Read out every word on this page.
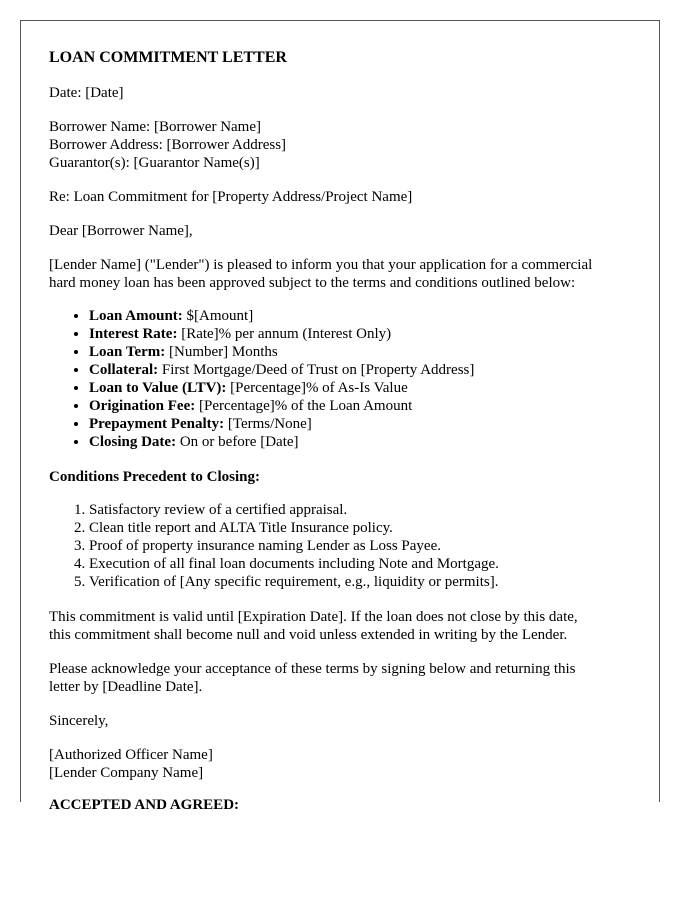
LOAN COMMITMENT LETTER

Date: [Date]

Borrower Name: [Borrower Name]

Borrower Address: [Borrower Address]

Guarantor(s): [Guarantor Name(s)]

Re: Loan Commitment for [Property Address/Project Name]

Dear [Borrower Name],

[Lender Name] ("Lender") is pleased to inform you that your application for a commercial

hard money loan has been approved subject to the terms and conditions outlined below:

• Loan Amount: $[Amount]
• Interest Rate: [Rate]% per annum (Interest Only)
• Loan Term: [Number] Months
• Collateral: First Mortgage/Deed of Trust on [Property Address]
• Loan to Value (LTV): [Percentage]% of As-Is Value
• Origination Fee: [Percentage]% of the Loan Amount
• Prepayment Penalty: [Terms/None]
• Closing Date: On or before [Date]

Conditions Precedent to Closing:

1. Satisfactory review of a certified appraisal.
2. Clean title report and ALTA Title Insurance policy.
3. Proof of property insurance naming Lender as Loss Payee.
4. Execution of all final loan documents including Note and Mortgage.
5. Verification of [Any specific requirement, e.g., liquidity or permits].

This commitment is valid until [Expiration Date]. If the loan does not close by this date,

this commitment shall become null and void unless extended in writing by the Lender.

Please acknowledge your acceptance of these terms by signing below and returning this

letter by [Deadline Date].

Sincerely,

[Authorized Officer Name]

[Lender Company Name]

ACCEPTED AND AGREED:
